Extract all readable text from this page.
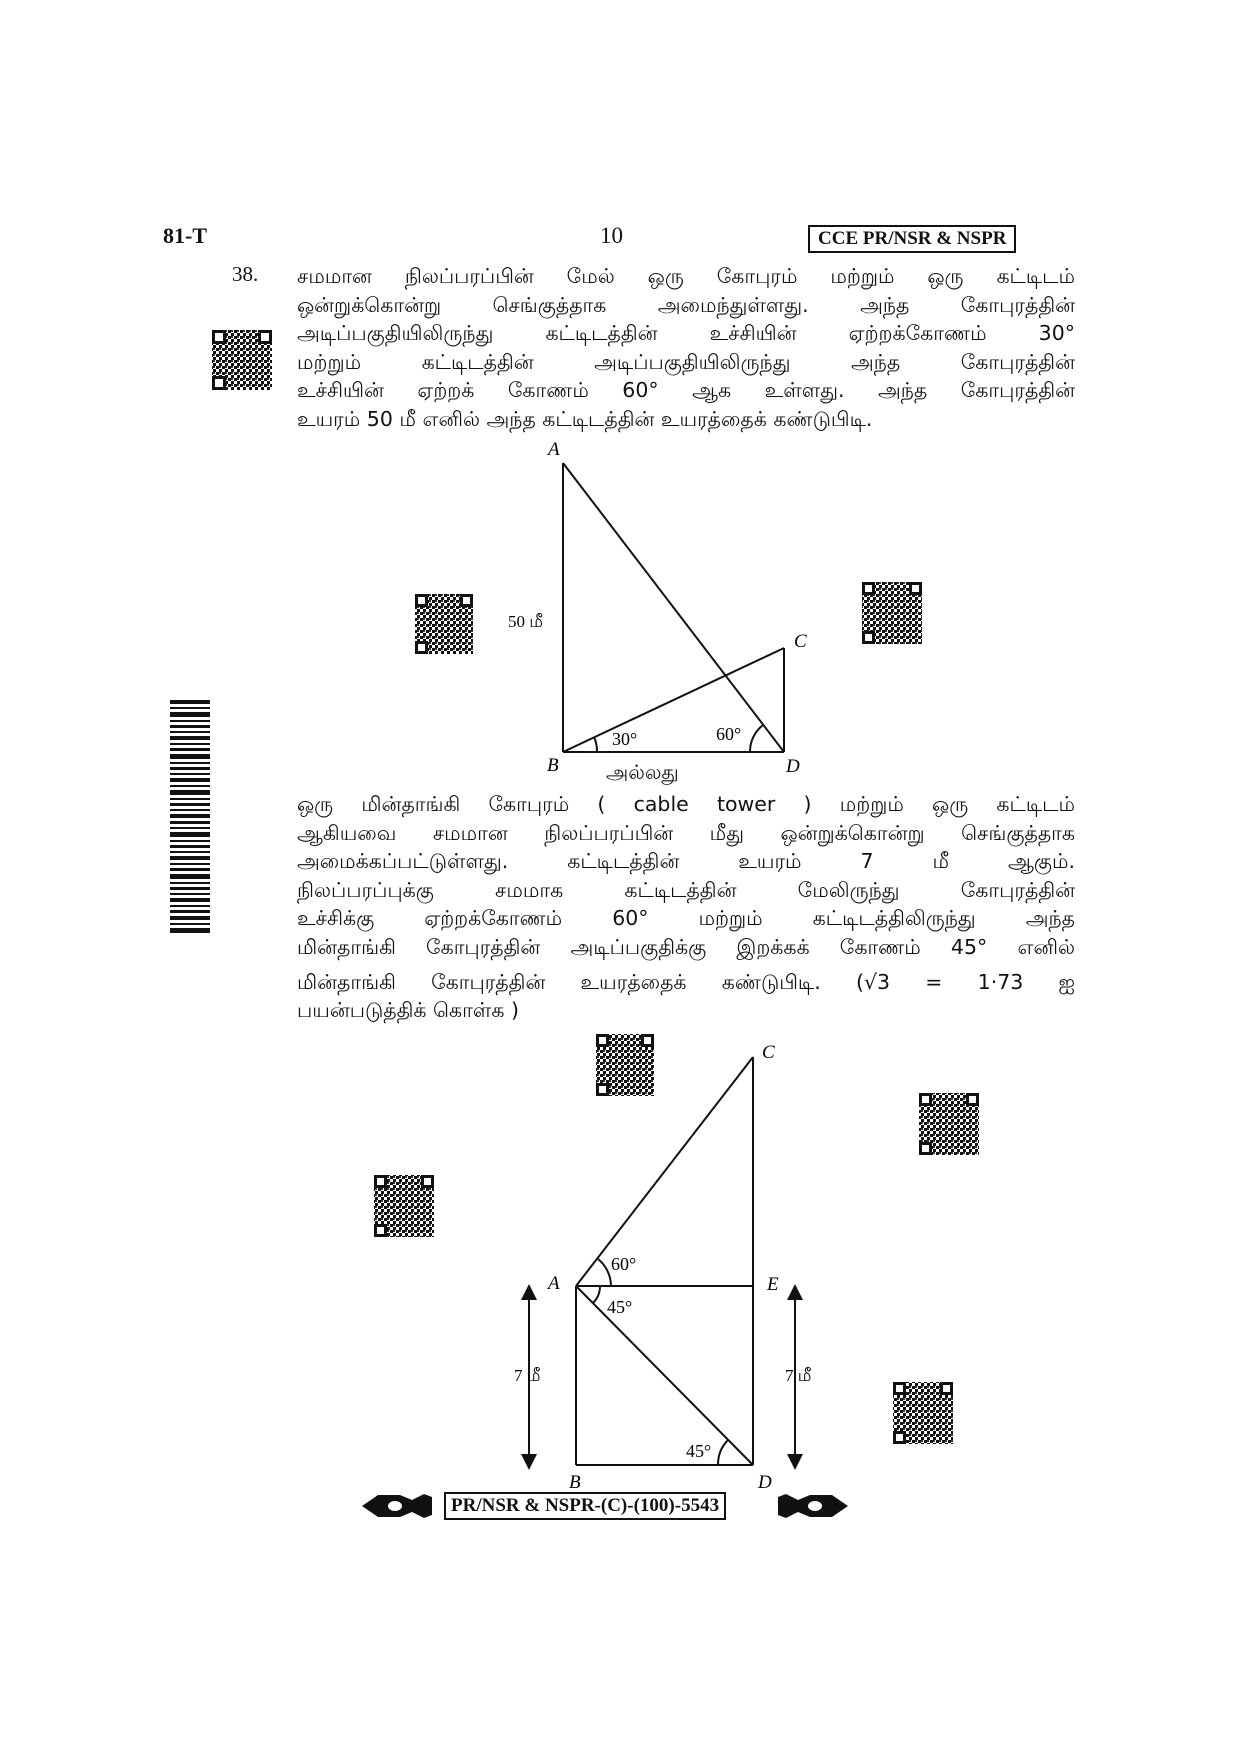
81-T	10	CCE PR/NSR & NSPR
38. சமமான நிலப்பரப்பின் மேல் ஒரு கோபுரம் மற்றும் ஒரு கட்டிடம்
ஒன்றுக்கொன்று செங்குத்தாக அமைந்துள்ளது. அந்த கோபுரத்தின்
அடிப்பகுதியிலிருந்து கட்டிடத்தின் உச்சியின் ஏற்றக்கோணம் 30°
மற்றும் கட்டிடத்தின் அடிப்பகுதியிலிருந்து அந்த கோபுரத்தின்
உச்சியின் ஏற்றக் கோணம் 60° ஆக உள்ளது. அந்த கோபுரத்தின்
உயரம் 50 மீ எனில் அந்த கட்டிடத்தின் உயரத்தைக் கண்டுபிடி.
A
B
C
D
50 மீ
30°	60°
அல்லது
ஒரு மின்தாங்கி கோபுரம் ( cable tower ) மற்றும் ஒரு கட்டிடம்
ஆகியவை சமமான நிலப்பரப்பின் மீது ஒன்றுக்கொன்று செங்குத்தாக
அமைக்கப்பட்டுள்ளது. கட்டிடத்தின் உயரம் 7 மீ ஆகும்.
நிலப்பரப்புக்கு சமமாக கட்டிடத்தின் மேலிருந்து கோபுரத்தின்
உச்சிக்கு ஏற்றக்கோணம் 60° மற்றும் கட்டிடத்திலிருந்து அந்த
மின்தாங்கி கோபுரத்தின் அடிப்பகுதிக்கு இறக்கக் கோணம் 45° எனில்
மின்தாங்கி கோபுரத்தின் உயரத்தைக் கண்டுபிடி. (√3 = 1·73 ஐ
பயன்படுத்திக் கொள்க )
C
A	E
B	D
60°
45°
45°
7 மீ	7 மீ
PR/NSR & NSPR-(C)-(100)-5543
